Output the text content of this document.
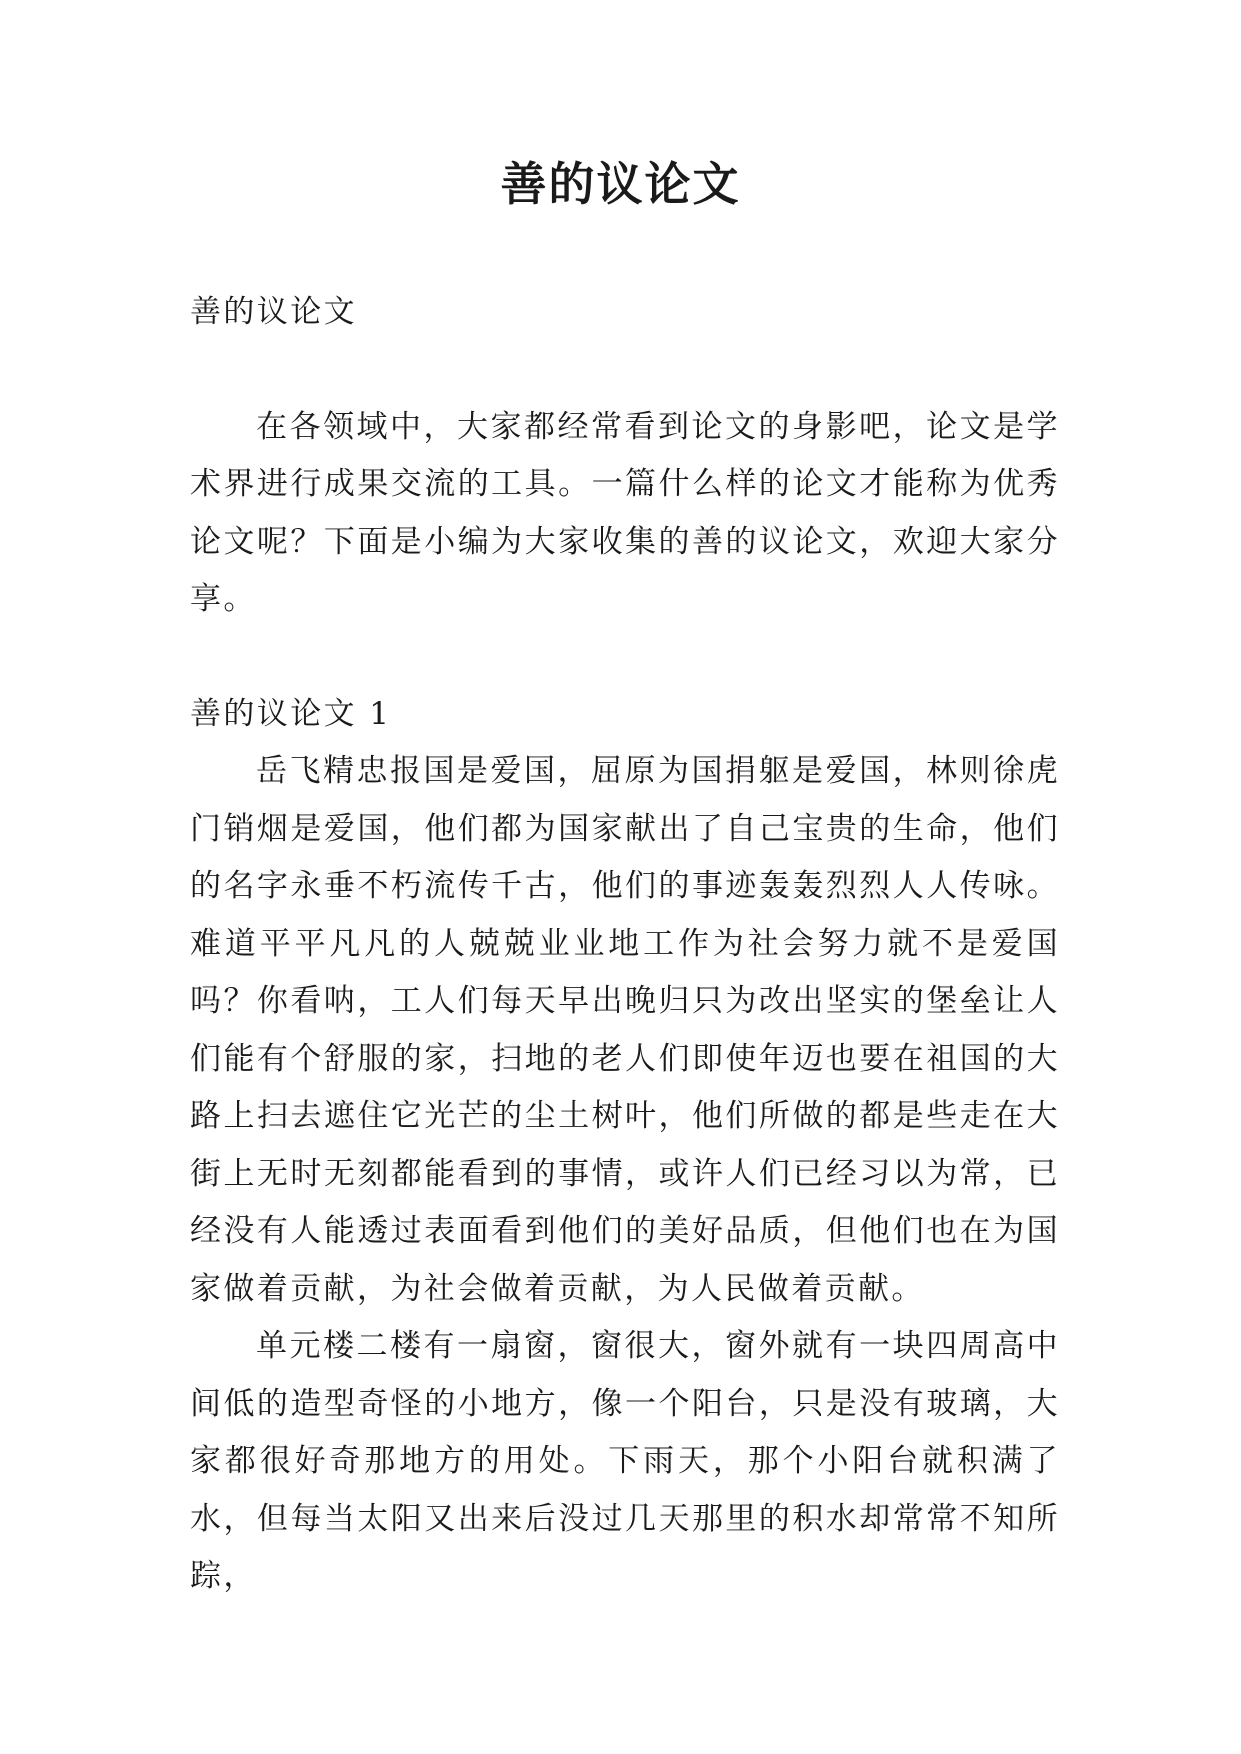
善的议论文

善的议论文

在各领域中，大家都经常看到论文的身影吧，论文是学术界进行成果交流的工具。一篇什么样的论文才能称为优秀论文呢？下面是小编为大家收集的善的议论文，欢迎大家分享。

善的议论文 1

岳飞精忠报国是爱国，屈原为国捐躯是爱国，林则徐虎门销烟是爱国，他们都为国家献出了自己宝贵的生命，他们的名字永垂不朽流传千古，他们的事迹轰轰烈烈人人传咏。难道平平凡凡的人兢兢业业地工作为社会努力就不是爱国吗？你看呐，工人们每天早出晚归只为改出坚实的堡垒让人们能有个舒服的家，扫地的老人们即使年迈也要在祖国的大路上扫去遮住它光芒的尘土树叶，他们所做的都是些走在大街上无时无刻都能看到的事情，或许人们已经习以为常，已经没有人能透过表面看到他们的美好品质，但他们也在为国家做着贡献，为社会做着贡献，为人民做着贡献。

单元楼二楼有一扇窗，窗很大，窗外就有一块四周高中间低的造型奇怪的小地方，像一个阳台，只是没有玻璃，大家都很好奇那地方的用处。下雨天，那个小阳台就积满了水，但每当太阳又出来后没过几天那里的积水却常常不知所踪，
